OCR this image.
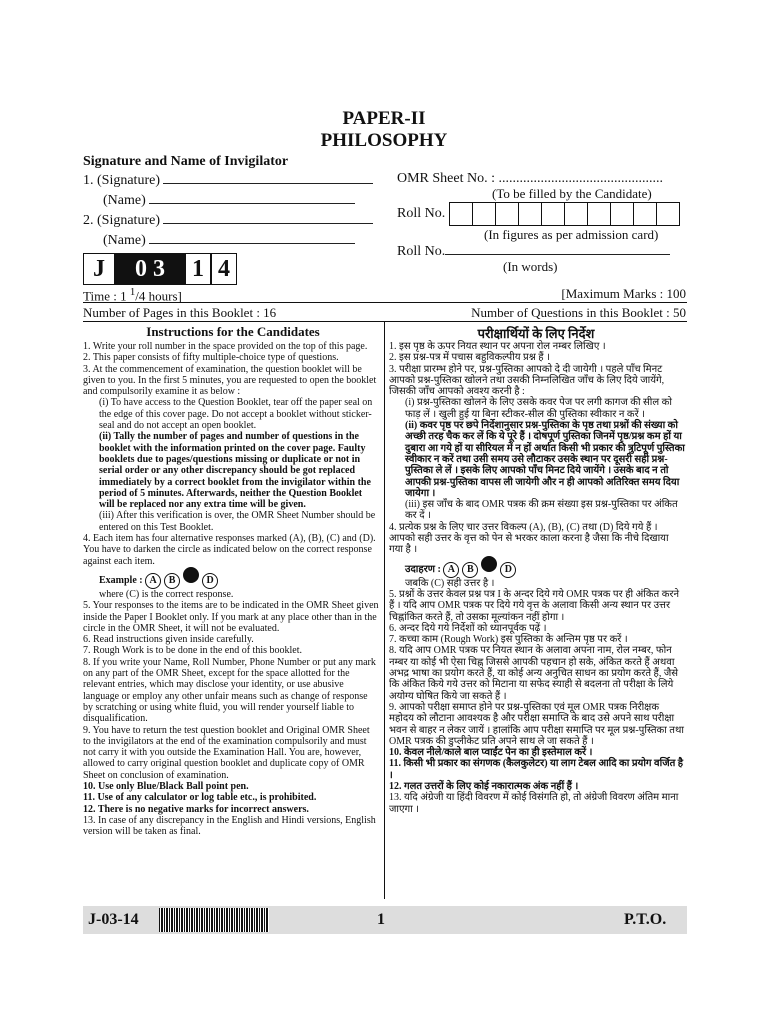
PAPER-II
PHILOSOPHY
Signature and Name of Invigilator
1. (Signature)
(Name)
2. (Signature)
(Name)
J	0 3	1 4
OMR Sheet No. : ...............................................
(To be filled by the Candidate)
Roll No.
(In figures as per admission card)
Roll No.
(In words)
Time : 1 $^1$/4 hours]	[Maximum Marks : 100
Number of Pages in this Booklet : 16	Number of Questions in this Booklet : 50
Instructions for the Candidates	परीक्षार्थियों के लिए निर्देश
1. Write your roll number in the space provided on the top of this page.
2. This paper consists of fifty multiple-choice type of questions.
3. At the commencement of examination, the question booklet will be given to you. In the first 5 minutes, you are requested to open the booklet and compulsorily examine it as below :
(i) To have access to the Question Booklet, tear off the paper seal on the edge of this cover page. Do not accept a booklet without sticker-seal and do not accept an open booklet.
(ii) Tally the number of pages and number of questions in the booklet with the information printed on the cover page. Faulty booklets due to pages/questions missing or duplicate or not in serial order or any other discrepancy should be got replaced immediately by a correct booklet from the invigilator within the period of 5 minutes. Afterwards, neither the Question Booklet will be replaced nor any extra time will be given.
(iii) After this verification is over, the OMR Sheet Number should be entered on this Test Booklet.
4. Each item has four alternative responses marked (A), (B), (C) and (D). You have to darken the circle as indicated below on the correct response against each item.
Example : A B	D
where (C) is the correct response.
5. Your responses to the items are to be indicated in the OMR Sheet given inside the Paper I Booklet only. If you mark at any place other than in the circle in the OMR Sheet, it will not be evaluated.
6. Read instructions given inside carefully.
7. Rough Work is to be done in the end of this booklet.
8. If you write your Name, Roll Number, Phone Number or put any mark on any part of the OMR Sheet, except for the space allotted for the relevant entries, which may disclose your identity, or use abusive language or employ any other unfair means such as change of response by scratching or using white fluid, you will render yourself liable to disqualification.
9. You have to return the test question booklet and Original OMR Sheet to the invigilators at the end of the examination compulsorily and must not carry it with you outside the Examination Hall. You are, however, allowed to carry original question booklet and duplicate copy of OMR Sheet on conclusion of examination.
10. Use only Blue/Black Ball point pen.
11. Use of any calculator or log table etc., is prohibited.
12. There is no negative marks for incorrect answers.
13. In case of any discrepancy in the English and Hindi versions, English version will be taken as final.
1. इस पृष्ठ के ऊपर नियत स्थान पर अपना रोल नम्बर लिखिए ।
2. इस प्रश्न-पत्र में पचास बहुविकल्पीय प्रश्न हैं ।
3. परीक्षा प्रारम्भ होने पर, प्रश्न-पुस्तिका आपको दे दी जायेगी । पहले पाँच मिनट आपको प्रश्न-पुस्तिका खोलने तथा उसकी निम्नलिखित जाँच के लिए दिये जायेंगे, जिसकी जाँच आपको अवश्य करनी है :
(i) प्रश्न-पुस्तिका खोलने के लिए उसके कवर पेज पर लगी कागज की सील को फाड़ लें । खुली हुई या बिना स्टीकर-सील की पुस्तिका स्वीकार न करें ।
(ii) कवर पृष्ठ पर छपे निर्देशानुसार प्रश्न-पुस्तिका के पृष्ठ तथा प्रश्नों की संख्या को अच्छी तरह चैक कर लें कि ये पूरे हैं । दोषपूर्ण पुस्तिका जिनमें पृष्ठ/प्रश्न कम हों या दुबारा आ गये हों या सीरियल में न हों अर्थात किसी भी प्रकार की त्रुटिपूर्ण पुस्तिका स्वीकार न करें तथा उसी समय उसे लौटाकर उसके स्थान पर दूसरी सही प्रश्न-पुस्तिका ले लें । इसके लिए आपको पाँच मिनट दिये जायेंगे । उसके बाद न तो आपकी प्रश्न-पुस्तिका वापस ली जायेगी और न ही आपको अतिरिक्त समय दिया जायेगा ।
(iii) इस जाँच के बाद OMR पत्रक की क्रम संख्या इस प्रश्न-पुस्तिका पर अंकित कर दें ।
4. प्रत्येक प्रश्न के लिए चार उत्तर विकल्प (A), (B), (C) तथा (D) दिये गये हैं । आपको सही उत्तर के वृत्त को पेन से भरकर काला करना है जैसा कि नीचे दिखाया गया है ।
उदाहरण : A B	D
जबकि (C) सही उत्तर है ।
5. प्रश्नों के उत्तर केवल प्रश्न पत्र I के अन्दर दिये गये OMR पत्रक पर ही अंकित करने हैं । यदि आप OMR पत्रक पर दिये गये वृत्त के अलावा किसी अन्य स्थान पर उत्तर चिह्नांकित करते हैं, तो उसका मूल्यांकन नहीं होगा ।
6. अन्दर दिये गये निर्देशों को ध्यानपूर्वक पढ़ें ।
7. कच्चा काम (Rough Work) इस पुस्तिका के अन्तिम पृष्ठ पर करें ।
8. यदि आप OMR पत्रक पर नियत स्थान के अलावा अपना नाम, रोल नम्बर, फोन नम्बर या कोई भी ऐसा चिह्न जिससे आपकी पहचान हो सके, अंकित करते हैं अथवा अभद्र भाषा का प्रयोग करते हैं, या कोई अन्य अनुचित साधन का प्रयोग करते हैं, जैसे कि अंकित किये गये उत्तर को मिटाना या सफेद स्याही से बदलना तो परीक्षा के लिये अयोग्य घोषित किये जा सकते हैं ।
9. आपको परीक्षा समाप्त होने पर प्रश्न-पुस्तिका एवं मूल OMR पत्रक निरीक्षक महोदय को लौटाना आवश्यक है और परीक्षा समाप्ति के बाद उसे अपने साथ परीक्षा भवन से बाहर न लेकर जायें । हालांकि आप परीक्षा समाप्ति पर मूल प्रश्न-पुस्तिका तथा OMR पत्रक की डुप्लीकेट प्रति अपने साथ ले जा सकते हैं ।
10. केवल नीले/काले बाल प्वाईंट पेन का ही इस्तेमाल करें ।
11. किसी भी प्रकार का संगणक (कैलकुलेटर) या लाग टेबल आदि का प्रयोग वर्जित है ।
12. गलत उत्तरों के लिए कोई नकारात्मक अंक नहीं हैं ।
13. यदि अंग्रेजी या हिंदी विवरण में कोई विसंगति हो, तो अंग्रेजी विवरण अंतिम माना जाएगा ।
J-03-14	1	P.T.O.
